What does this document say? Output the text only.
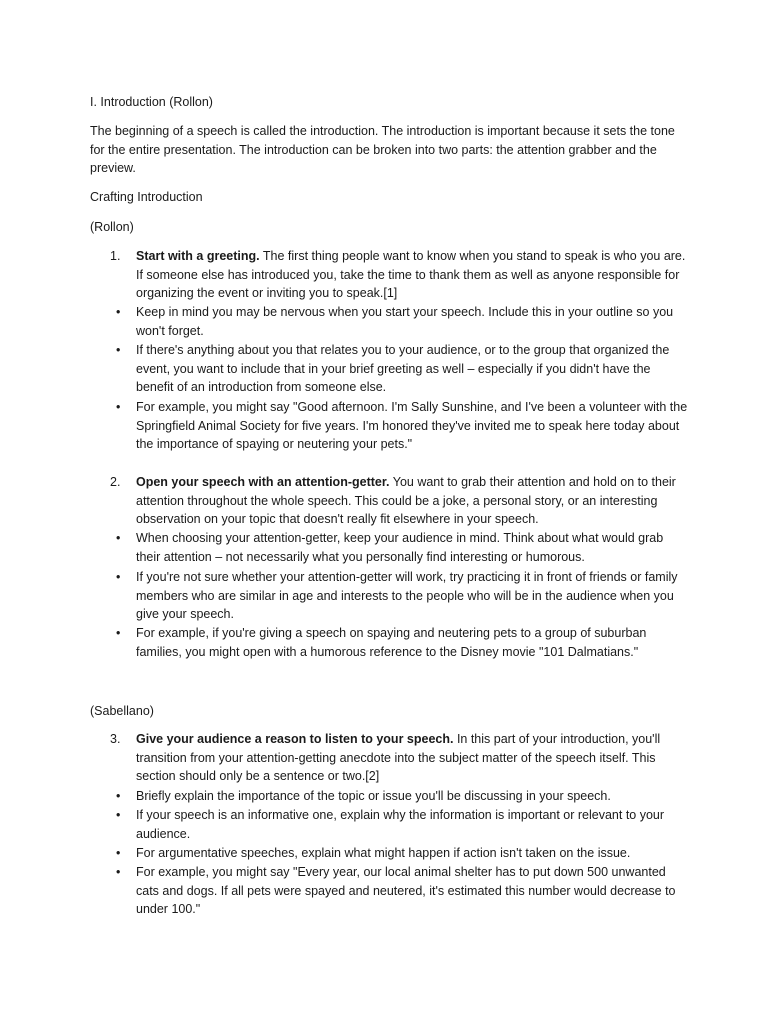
I. Introduction (Rollon)

The beginning of a speech is called the introduction. The introduction is important because it sets the tone for the entire presentation. The introduction can be broken into two parts: the attention grabber and the preview.

Crafting Introduction
(Rollon)
1.	Start with a greeting. The first thing people want to know when you stand to speak is who you are. If someone else has introduced you, take the time to thank them as well as anyone responsible for organizing the event or inviting you to speak.[1]
• Keep in mind you may be nervous when you start your speech. Include this in your outline so you won't forget.
• If there's anything about you that relates you to your audience, or to the group that organized the event, you want to include that in your brief greeting as well – especially if you didn't have the benefit of an introduction from someone else.
• For example, you might say "Good afternoon. I'm Sally Sunshine, and I've been a volunteer with the Springfield Animal Society for five years. I'm honored they've invited me to speak here today about the importance of spaying or neutering your pets."
2.	Open your speech with an attention-getter. You want to grab their attention and hold on to their attention throughout the whole speech. This could be a joke, a personal story, or an interesting observation on your topic that doesn't really fit elsewhere in your speech.
• When choosing your attention-getter, keep your audience in mind. Think about what would grab their attention – not necessarily what you personally find interesting or humorous.
• If you're not sure whether your attention-getter will work, try practicing it in front of friends or family members who are similar in age and interests to the people who will be in the audience when you give your speech.
• For example, if you're giving a speech on spaying and neutering pets to a group of suburban families, you might open with a humorous reference to the Disney movie "101 Dalmatians."
(Sabellano)
3.	Give your audience a reason to listen to your speech. In this part of your introduction, you'll transition from your attention-getting anecdote into the subject matter of the speech itself. This section should only be a sentence or two.[2]
• Briefly explain the importance of the topic or issue you'll be discussing in your speech.
• If your speech is an informative one, explain why the information is important or relevant to your audience.
• For argumentative speeches, explain what might happen if action isn't taken on the issue.
• For example, you might say "Every year, our local animal shelter has to put down 500 unwanted cats and dogs. If all pets were spayed and neutered, it's estimated this number would decrease to under 100."
